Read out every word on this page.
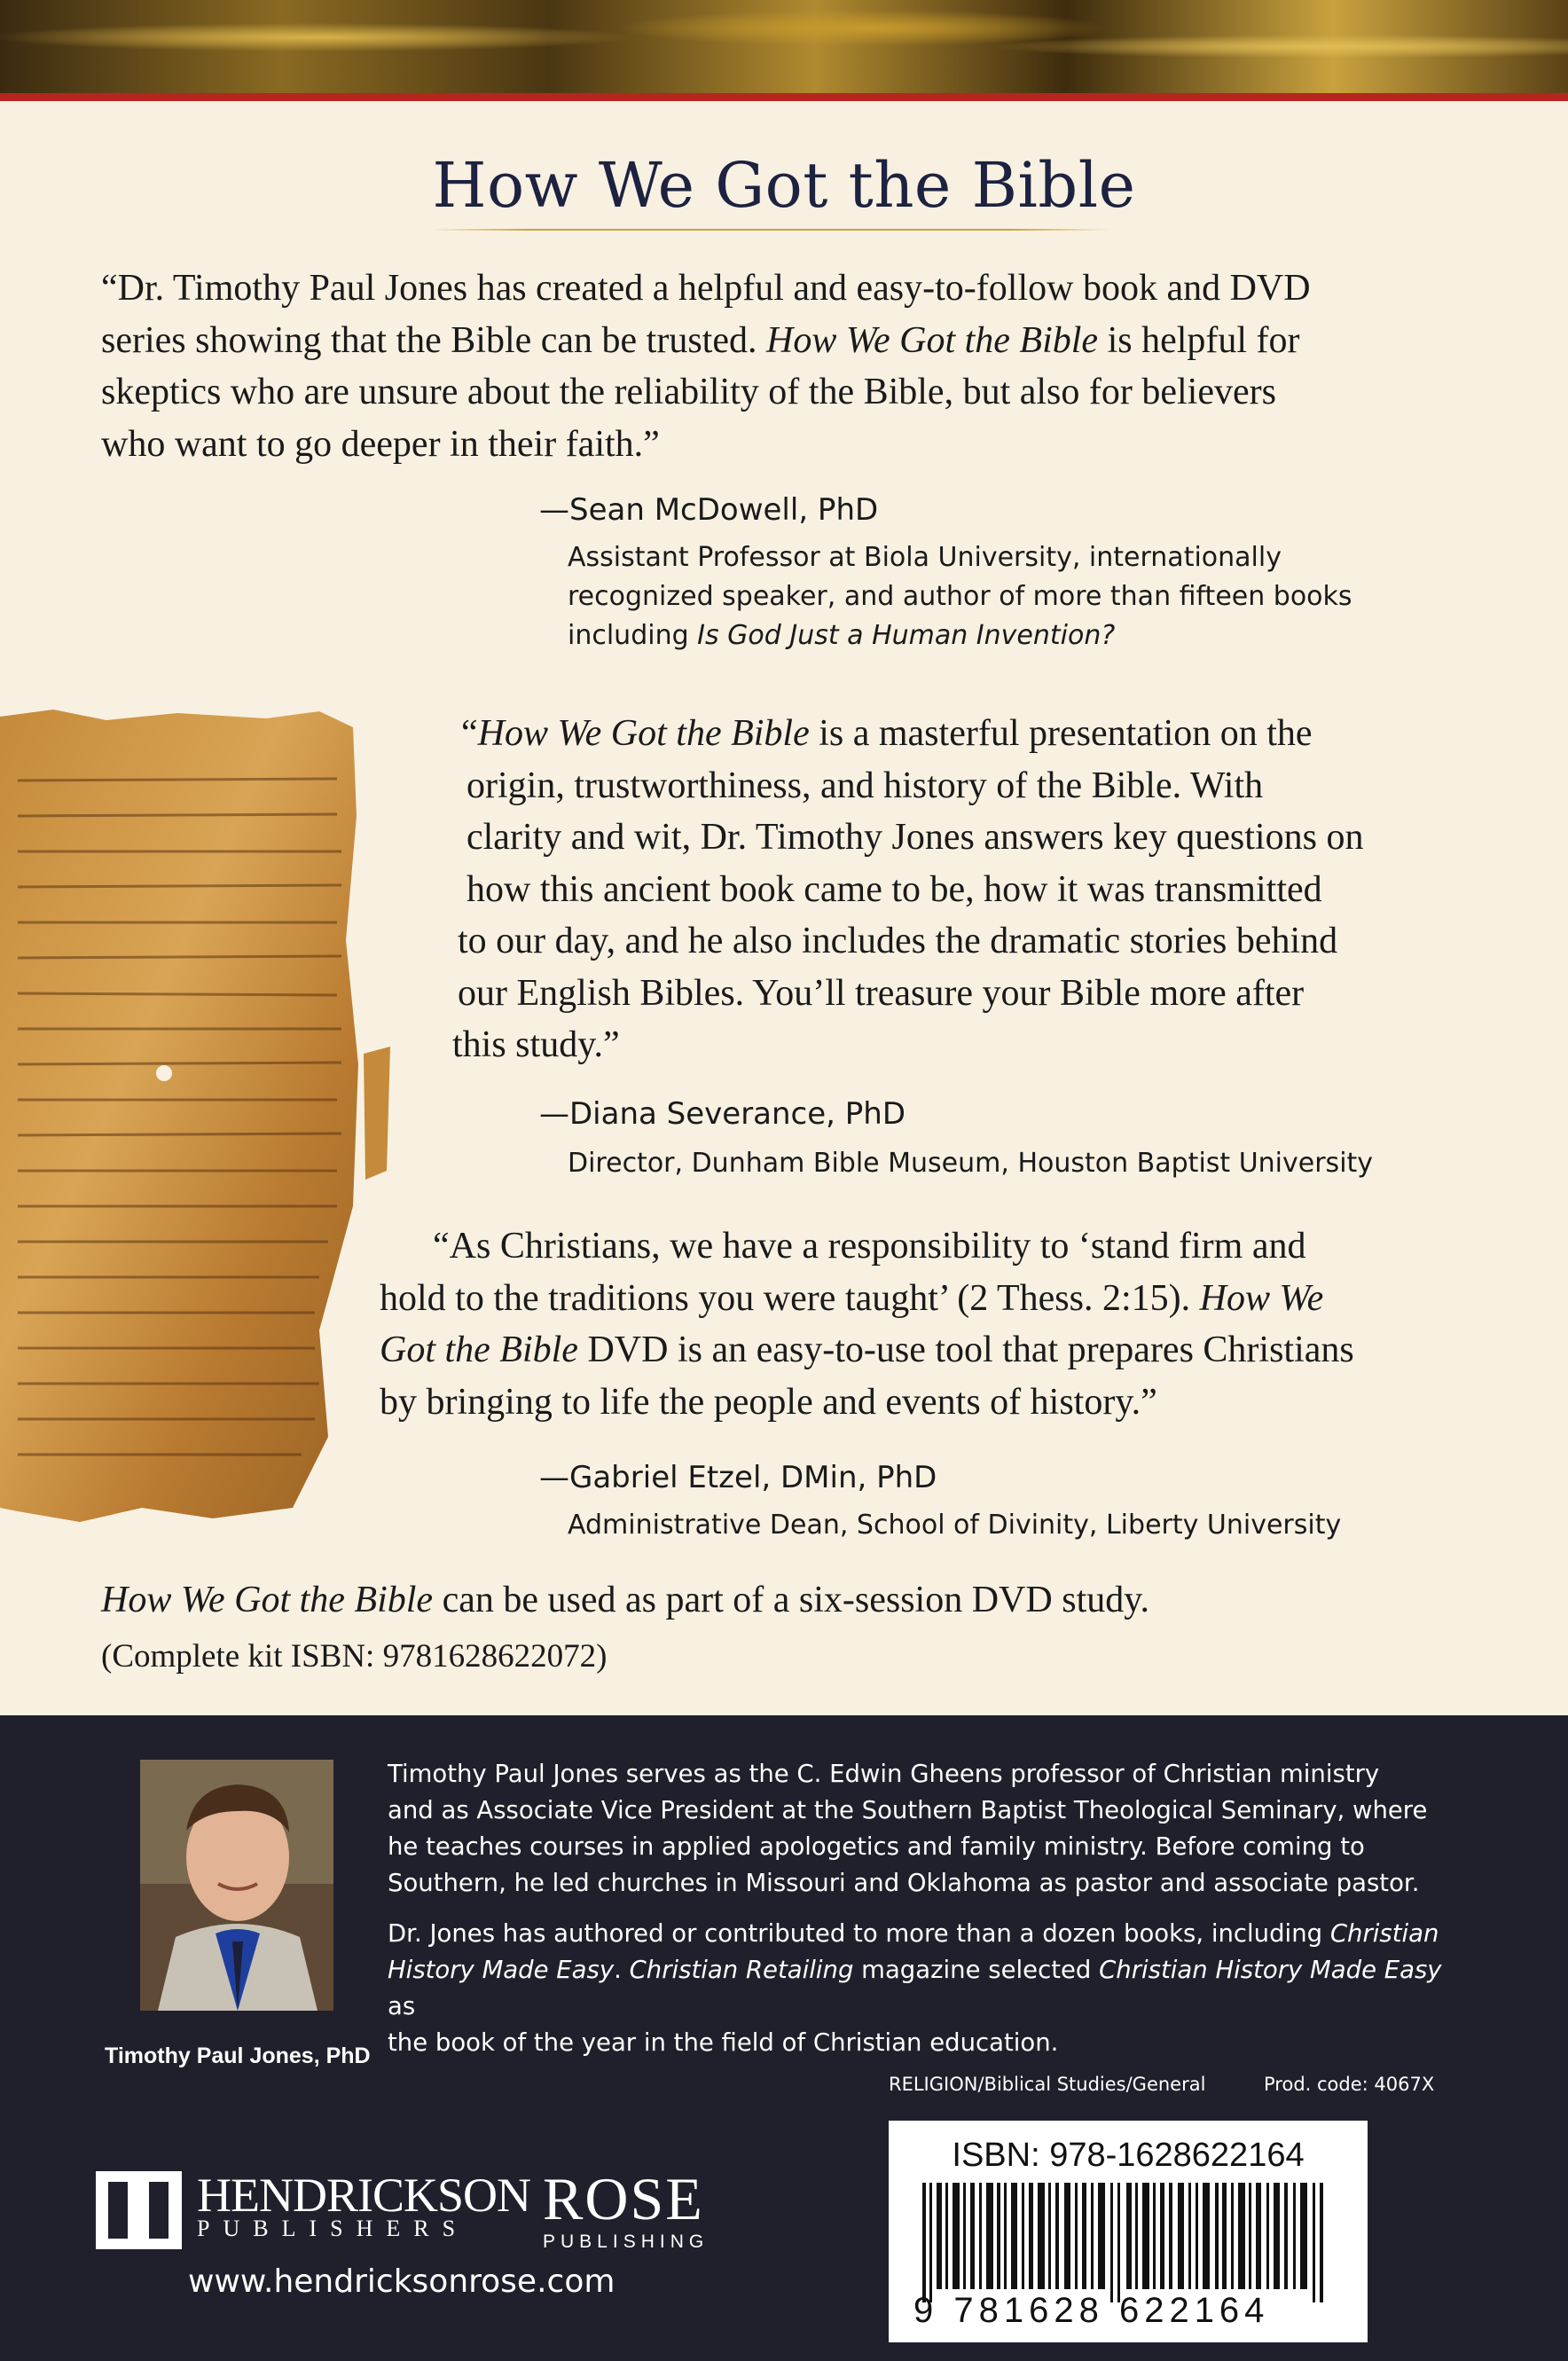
How We Got the Bible
“Dr. Timothy Paul Jones has created a helpful and easy-to-follow book and DVD
series showing that the Bible can be trusted. How We Got the Bible is helpful for
skeptics who are unsure about the reliability of the Bible, but also for believers
who want to go deeper in their faith.”
—Sean McDowell, PhD
Assistant Professor at Biola University, internationally
recognized speaker, and author of more than fifteen books
including Is God Just a Human Invention?
“How We Got the Bible is a masterful presentation on the
origin, trustworthiness, and history of the Bible. With
clarity and wit, Dr. Timothy Jones answers key questions on
how this ancient book came to be, how it was transmitted
to our day, and he also includes the dramatic stories behind
our English Bibles. You’ll treasure your Bible more after
this study.”
—Diana Severance, PhD
Director, Dunham Bible Museum, Houston Baptist University
“As Christians, we have a responsibility to ‘stand firm and
hold to the traditions you were taught’ (2 Thess. 2:15). How We
Got the Bible DVD is an easy-to-use tool that prepares Christians
by bringing to life the people and events of history.”
—Gabriel Etzel, DMin, PhD
Administrative Dean, School of Divinity, Liberty University
How We Got the Bible can be used as part of a six-session DVD study.
(Complete kit ISBN: 9781628622072)
Timothy Paul Jones, PhD
Timothy Paul Jones serves as the C. Edwin Gheens professor of Christian ministry
and as Associate Vice President at the Southern Baptist Theological Seminary, where
he teaches courses in applied apologetics and family ministry. Before coming to
Southern, he led churches in Missouri and Oklahoma as pastor and associate pastor.
Dr. Jones has authored or contributed to more than a dozen books, including Christian
History Made Easy. Christian Retailing magazine selected Christian History Made Easy as
the book of the year in the field of Christian education.
RELIGION/Biblical Studies/General	Prod. code: 4067X
ISBN: 978-1628622164
9 781628 622164
HENDRICKSON
PUBLISHERS ROSE
PUBLISHING
www.hendricksonrose.com
